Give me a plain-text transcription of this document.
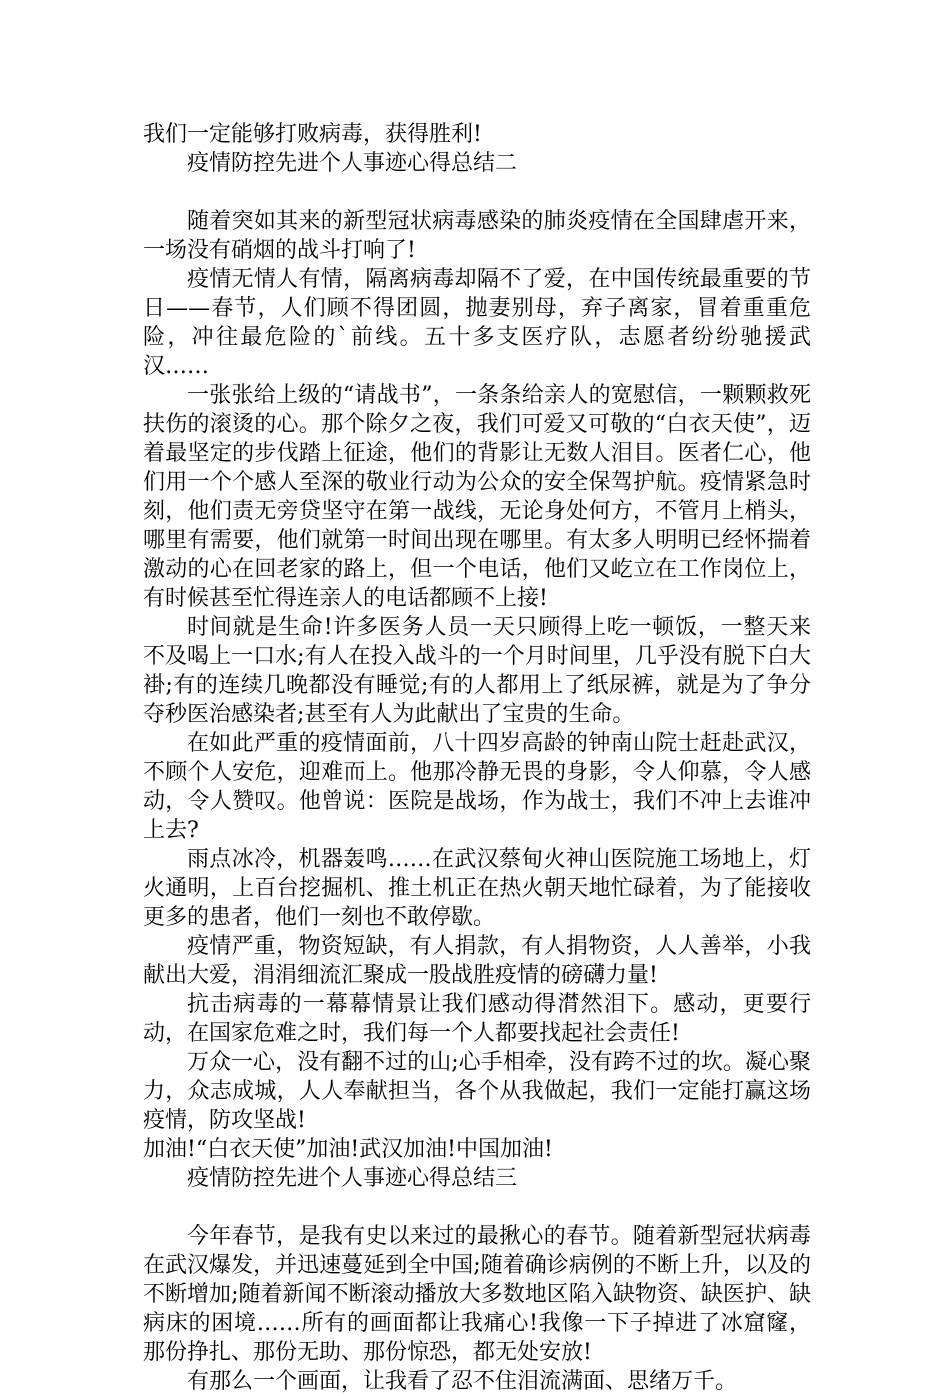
我们一定能够打败病毒，获得胜利!

疫情防控先进个人事迹心得总结二

随着突如其来的新型冠状病毒感染的肺炎疫情在全国肆虐开来，一场没有硝烟的战斗打响了!

疫情无情人有情，隔离病毒却隔不了爱，在中国传统最重要的节日——春节，人们顾不得团圆，抛妻别母，弃子离家，冒着重重危险，冲往最危险的`前线。五十多支医疗队，志愿者纷纷驰援武汉……

一张张给上级的“请战书”，一条条给亲人的宽慰信，一颗颗救死扶伤的滚烫的心。那个除夕之夜，我们可爱又可敬的“白衣天使”，迈着最坚定的步伐踏上征途，他们的背影让无数人泪目。医者仁心，他们用一个个感人至深的敬业行动为公众的安全保驾护航。疫情紧急时刻，他们责无旁贷坚守在第一战线，无论身处何方，不管月上梢头，哪里有需要，他们就第一时间出现在哪里。有太多人明明已经怀揣着激动的心在回老家的路上，但一个电话，他们又屹立在工作岗位上，有时候甚至忙得连亲人的电话都顾不上接!

时间就是生命!许多医务人员一天只顾得上吃一顿饭，一整天来不及喝上一口水;有人在投入战斗的一个月时间里，几乎没有脱下白大褂;有的连续几晚都没有睡觉;有的人都用上了纸尿裤，就是为了争分夺秒医治感染者;甚至有人为此献出了宝贵的生命。

在如此严重的疫情面前，八十四岁高龄的钟南山院士赶赴武汉，不顾个人安危，迎难而上。他那冷静无畏的身影，令人仰慕，令人感动，令人赞叹。他曾说：医院是战场，作为战士，我们不冲上去谁冲上去?

雨点冰冷，机器轰鸣……在武汉蔡甸火神山医院施工场地上，灯火通明，上百台挖掘机、推土机正在热火朝天地忙碌着，为了能接收更多的患者，他们一刻也不敢停歇。

疫情严重，物资短缺，有人捐款，有人捐物资，人人善举，小我献出大爱，涓涓细流汇聚成一股战胜疫情的磅礴力量!

抗击病毒的一幕幕情景让我们感动得潸然泪下。感动，更要行动，在国家危难之时，我们每一个人都要找起社会责任!

万众一心，没有翻不过的山;心手相牵，没有跨不过的坎。凝心聚力，众志成城，人人奉献担当，各个从我做起，我们一定能打赢这场疫情，防攻坚战!

加油!“白衣天使”加油!武汉加油!中国加油!

疫情防控先进个人事迹心得总结三

今年春节，是我有史以来过的最揪心的春节。随着新型冠状病毒在武汉爆发，并迅速蔓延到全中国;随着确诊病例的不断上升，以及的不断增加;随着新闻不断滚动播放大多数地区陷入缺物资、缺医护、缺病床的困境……所有的画面都让我痛心!我像一下子掉进了冰窟窿，那份挣扎、那份无助、那份惊恐，都无处安放!

有那么一个画面，让我看了忍不住泪流满面、思绪万千。
